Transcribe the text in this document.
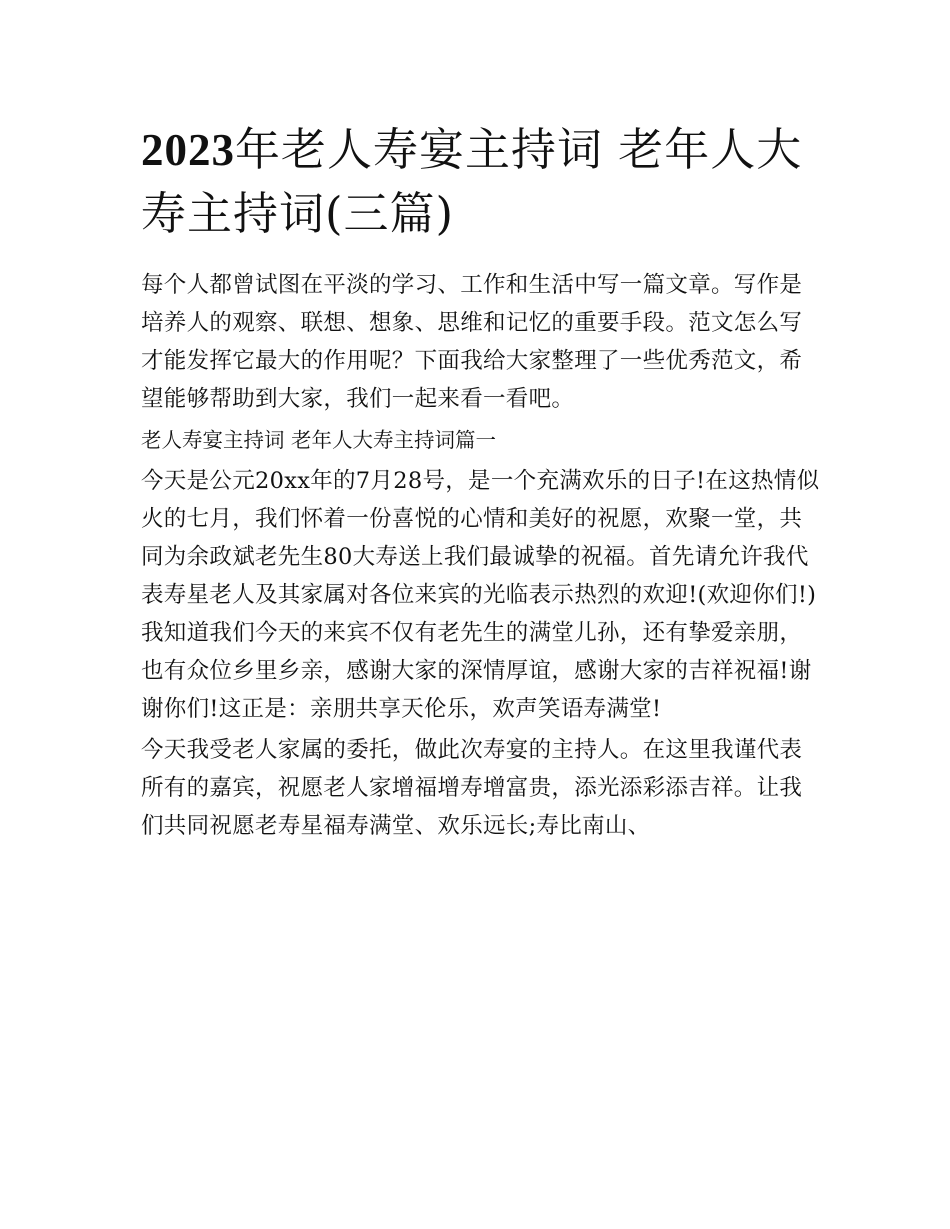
2023年老人寿宴主持词 老年人大寿主持词(三篇)

每个人都曾试图在平淡的学习、工作和生活中写一篇文章。写作是培养人的观察、联想、想象、思维和记忆的重要手段。范文怎么写才能发挥它最大的作用呢？下面我给大家整理了一些优秀范文，希望能够帮助到大家，我们一起来看一看吧。

老人寿宴主持词 老年人大寿主持词篇一

今天是公元20xx年的7月28号，是一个充满欢乐的日子!在这热情似火的七月，我们怀着一份喜悦的心情和美好的祝愿，欢聚一堂，共同为余政斌老先生80大寿送上我们最诚挚的祝福。首先请允许我代表寿星老人及其家属对各位来宾的光临表示热烈的欢迎!(欢迎你们!)我知道我们今天的来宾不仅有老先生的满堂儿孙，还有挚爱亲朋，也有众位乡里乡亲，感谢大家的深情厚谊，感谢大家的吉祥祝福!谢谢你们!这正是：亲朋共享天伦乐，欢声笑语寿满堂!

今天我受老人家属的委托，做此次寿宴的主持人。在这里我谨代表所有的嘉宾，祝愿老人家增福增寿增富贵，添光添彩添吉祥。让我们共同祝愿老寿星福寿满堂、欢乐远长;寿比南山、
